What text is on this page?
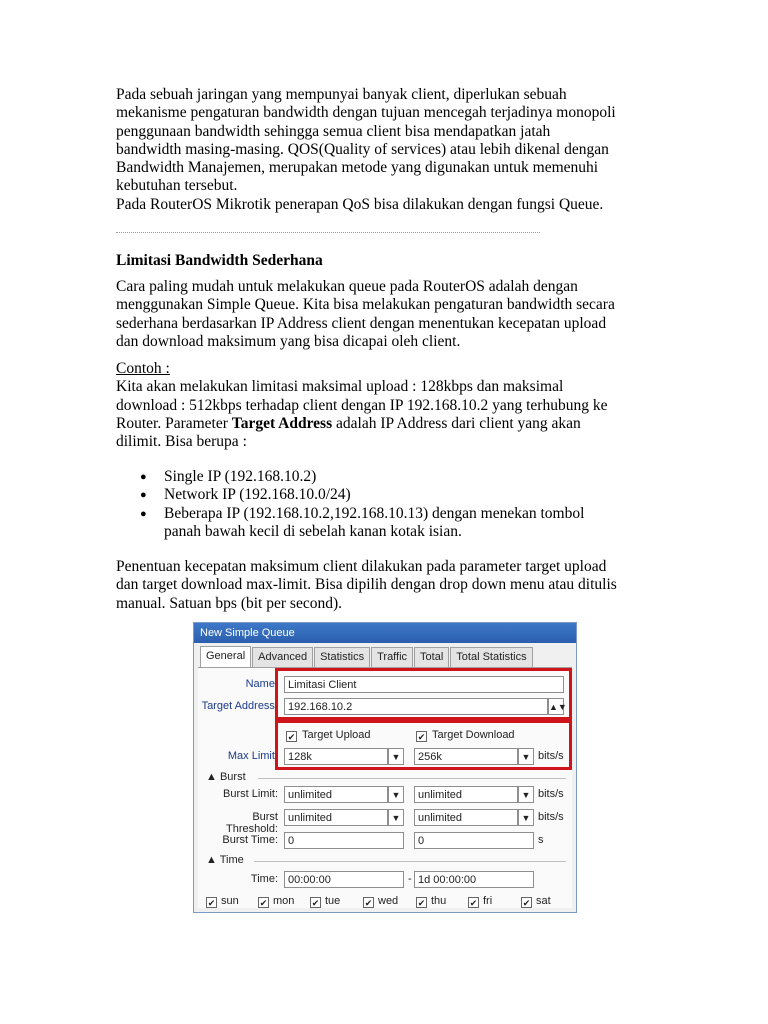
Pada sebuah jaringan yang mempunyai banyak client, diperlukan sebuah

mekanisme pengaturan bandwidth dengan tujuan mencegah terjadinya monopoli

penggunaan bandwidth sehingga semua client bisa mendapatkan jatah

bandwidth masing-masing. QOS(Quality of services) atau lebih dikenal dengan

Bandwidth Manajemen, merupakan metode yang digunakan untuk memenuhi

kebutuhan tersebut.

Pada RouterOS Mikrotik penerapan QoS bisa dilakukan dengan fungsi Queue.

Limitasi Bandwidth Sederhana

Cara paling mudah untuk melakukan queue pada RouterOS adalah dengan

menggunakan Simple Queue. Kita bisa melakukan pengaturan bandwidth secara

sederhana berdasarkan IP Address client dengan menentukan kecepatan upload

dan download maksimum yang bisa dicapai oleh client.

Contoh :

Kita akan melakukan limitasi maksimal upload : 128kbps dan maksimal

download : 512kbps terhadap client dengan IP 192.168.10.2 yang terhubung ke

Router. Parameter Target Address adalah IP Address dari client yang akan

dilimit. Bisa berupa :

● Single IP (192.168.10.2)
● Network IP (192.168.10.0/24)
● Beberapa IP (192.168.10.2,192.168.10.13) dengan menekan tombol
panah bawah kecil di sebelah kanan kotak isian.

Penentuan kecepatan maksimum client dilakukan pada parameter target upload

dan target download max-limit. Bisa dipilih dengan drop down menu atau ditulis

manual. Satuan bps (bit per second).

New Simple Queue
General	Advanced	Statistics	Traffic	Total	Total Statistics
Name: Limitasi Client
Target Address: 192.168.10.2	▲▼
✔ Target Upload	✔ Target Download
Max Limit: 128k	▼	256k	▼ bits/s
▲ Burst
Burst Limit: unlimited	▼	unlimited	▼ bits/s
Burst Threshold:
unlimited	▼	unlimited	▼ bits/s
Burst Time: 0	0	s
▲ Time
Time: 00:00:00	- 1d 00:00:00
✔ sun ✔ mon ✔ tue	✔ wed ✔ thu	✔ fri	✔ sat
